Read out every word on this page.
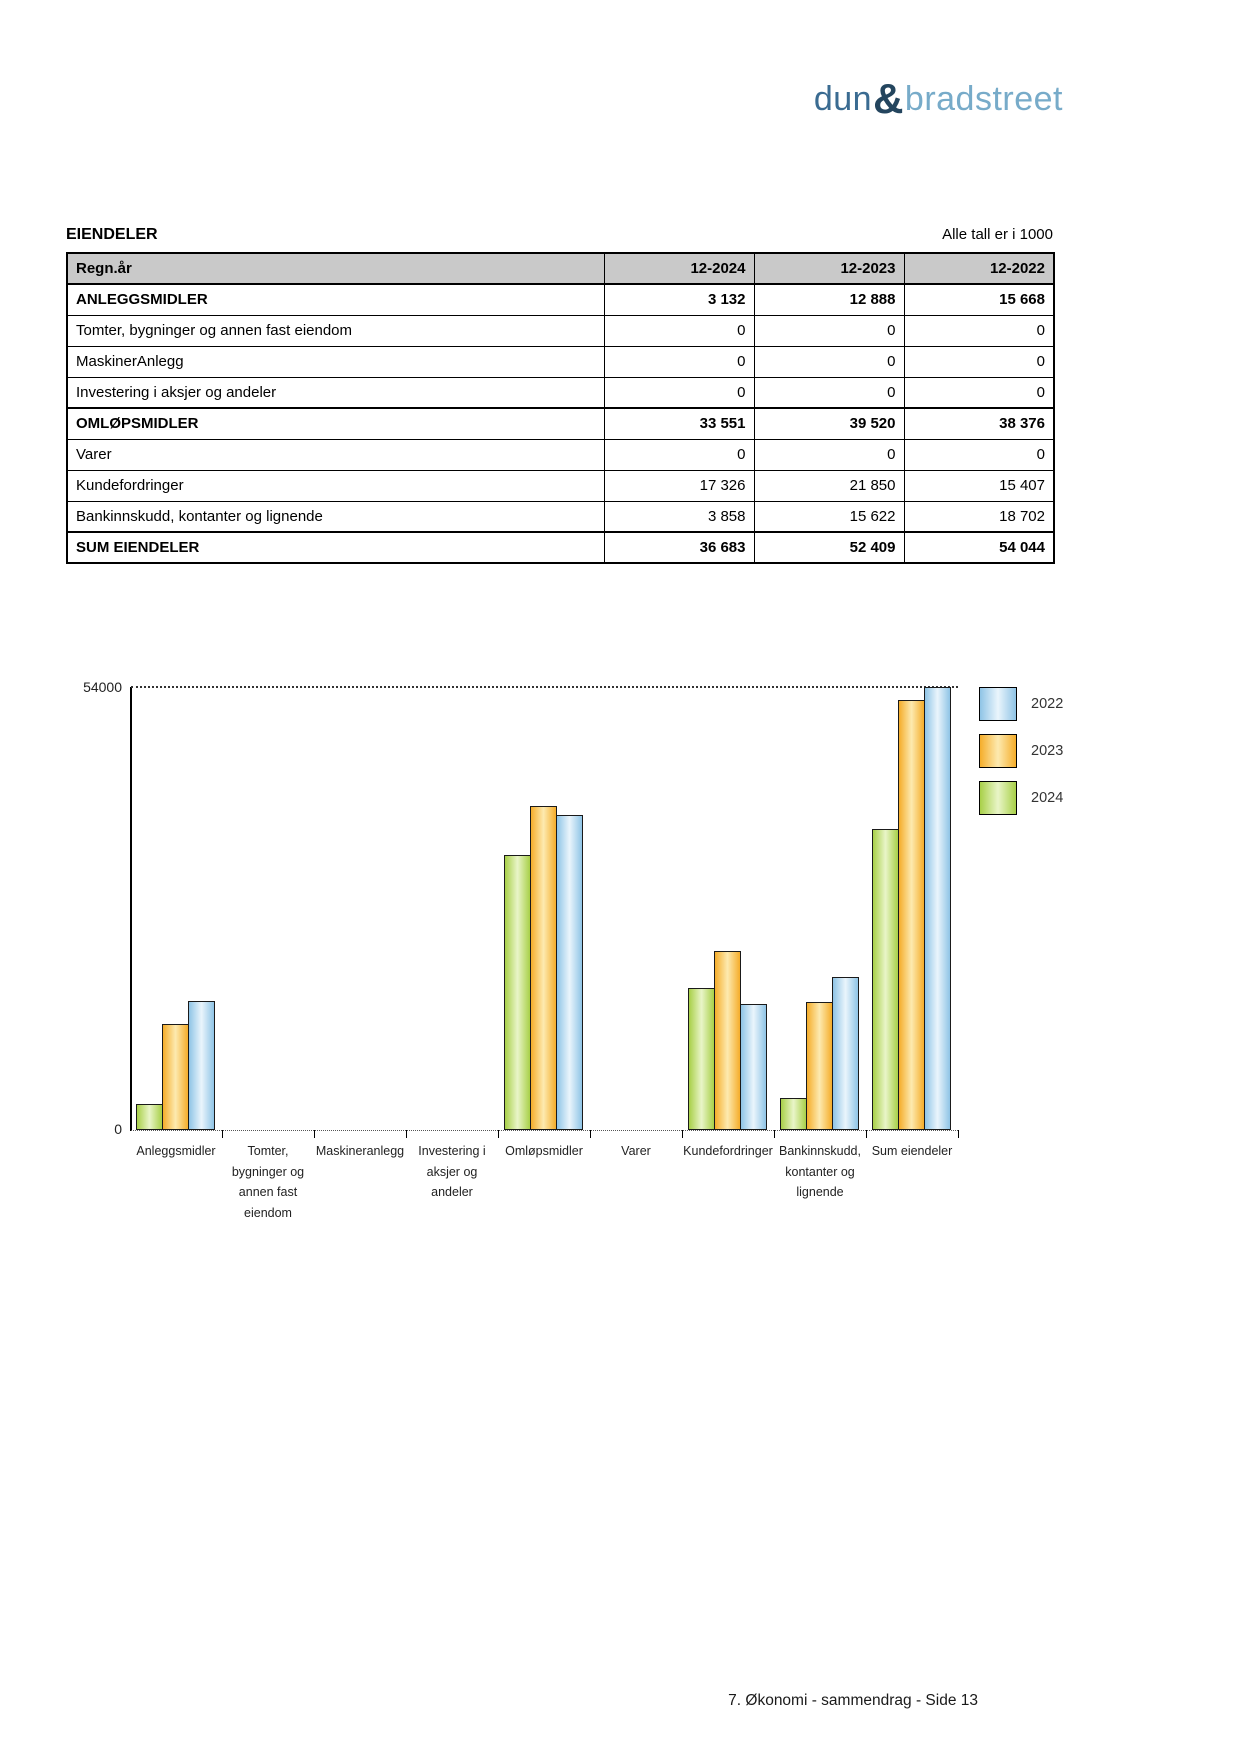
dun&bradstreet
EIENDELER	Alle tall er i 1000
Regn.år	12-2024	12-2023	12-2022
ANLEGGSMIDLER	3 132	12 888	15 668
Tomter, bygninger og annen fast eiendom	0	0	0
MaskinerAnlegg	0	0	0
Investering i aksjer og andeler	0	0	0
OMLØPSMIDLER	33 551	39 520	38 376
Varer	0	0	0
Kundefordringer	17 326	21 850	15 407
Bankinnskudd, kontanter og lignende	3 858	15 622	18 702
SUM EIENDELER	36 683	52 409	54 044
54000
0
Anleggsmidler	Tomter,
bygninger og
annen fast
eiendom
Maskineranlegg Investering i
aksjer og
andeler
Omløpsmidler	Varer	Kundefordringer Bankinnskudd,
kontanter og
lignende
Sum eiendeler
2022
2023
2024
7. Økonomi - sammendrag - Side 13
